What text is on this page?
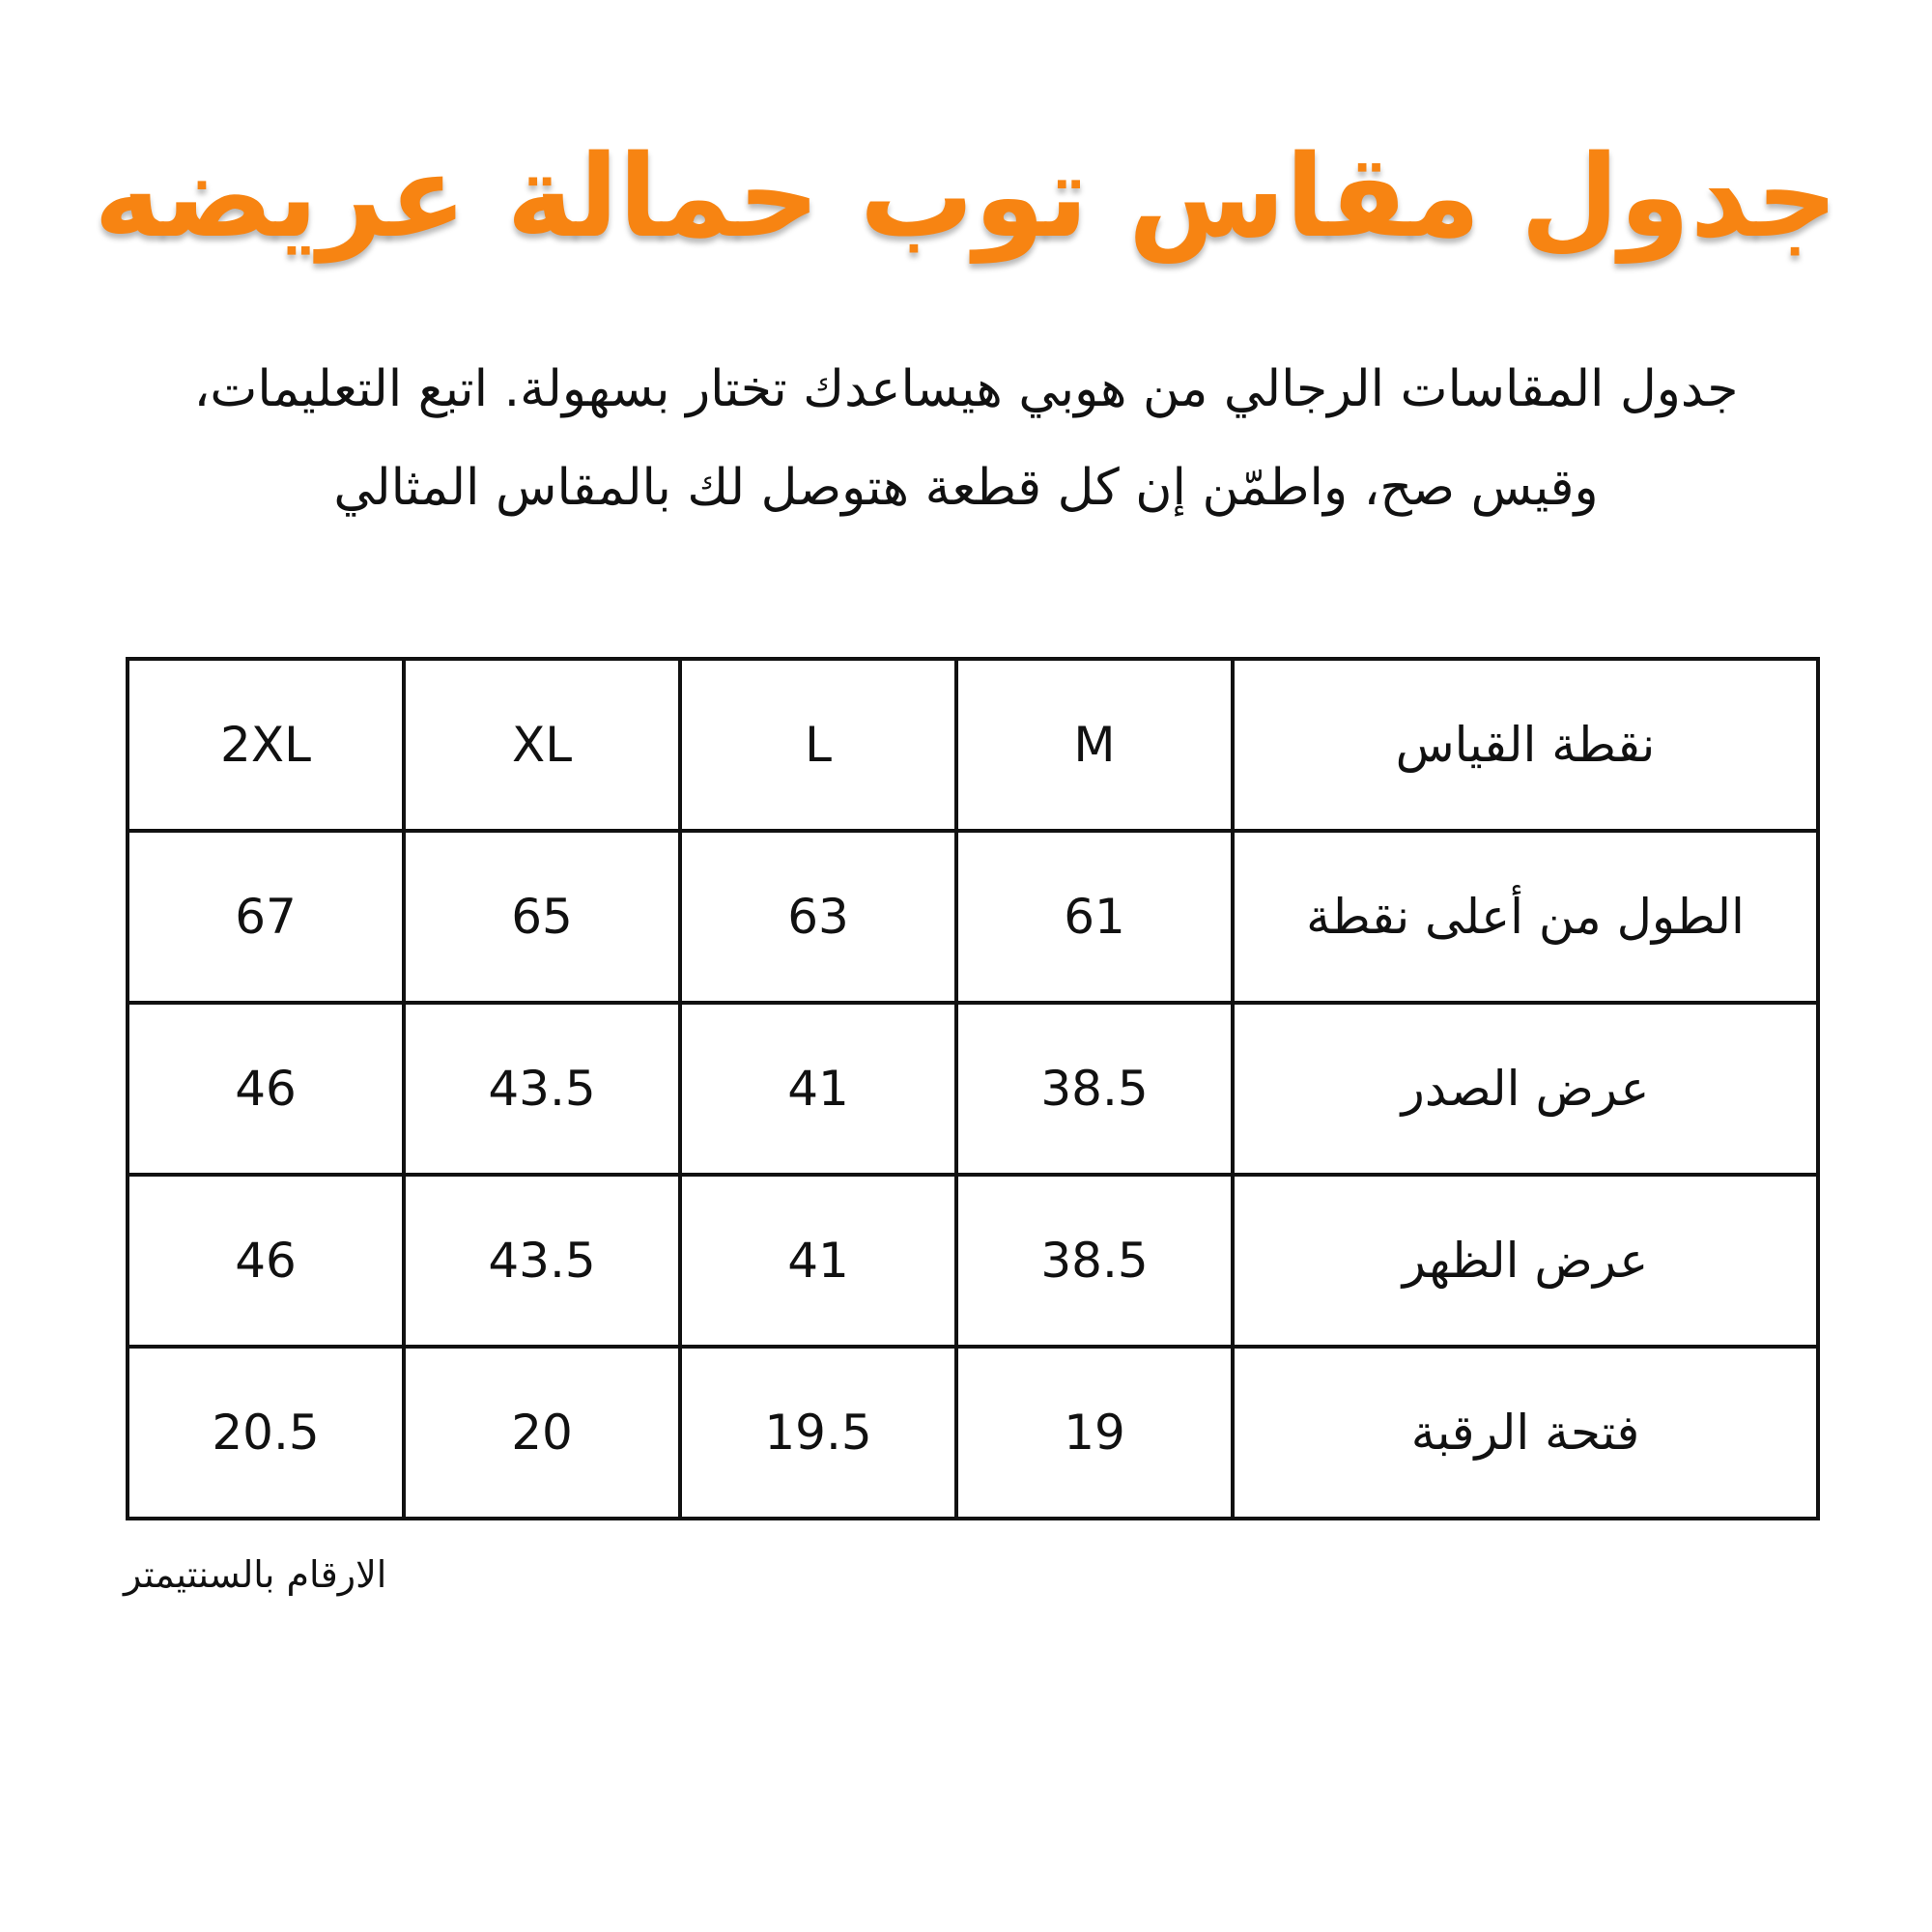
جدول مقاس توب حمالة عريضه
جدول المقاسات الرجالي من هوبي هيساعدك تختار بسهولة. اتبع التعليمات،
وقيس صح، واطمّن إن كل قطعة هتوصل لك بالمقاس المثالي
نقطة القياس	M	L	XL	2XL
الطول من أعلى نقطة	61	63	65	67
عرض الصدر	38.5	41	43.5	46
عرض الظهر	38.5	41	43.5	46
فتحة الرقبة	19	19.5	20	20.5
الارقام بالسنتيمتر
